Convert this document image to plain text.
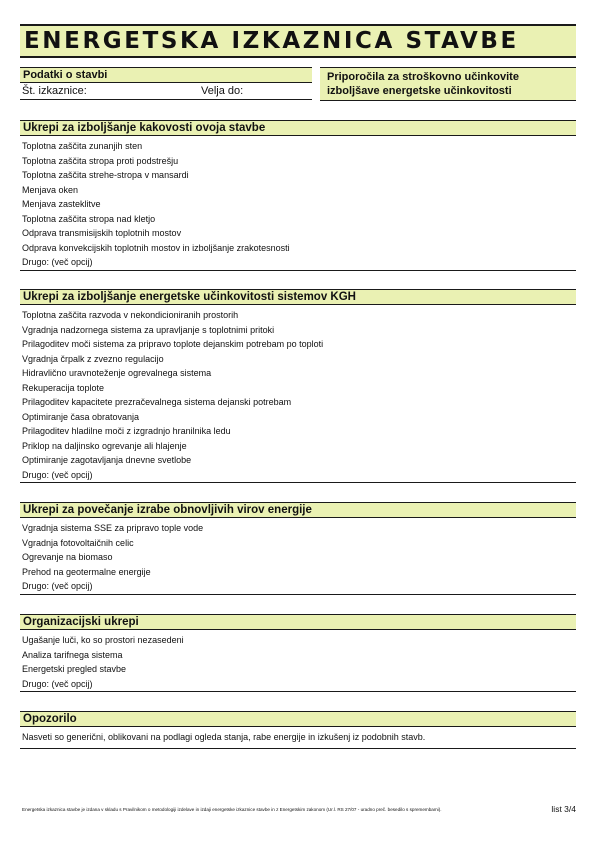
ENERGETSKA IZKAZNICA STAVBE
Podatki o stavbi
Št. izkaznice:	Velja do:
Priporočila za stroškovno učinkovite
izboljšave energetske učinkovitosti
Ukrepi za izboljšanje kakovosti ovoja stavbe
Toplotna zaščita zunanjih sten
Toplotna zaščita stropa proti podstrešju
Toplotna zaščita strehe-stropa v mansardi
Menjava oken
Menjava zasteklitve
Toplotna zaščita stropa nad kletjo
Odprava transmisijskih toplotnih mostov
Odprava konvekcijskih toplotnih mostov in izboljšanje zrakotesnosti
Drugo: (več opcij)
Ukrepi za izboljšanje energetske učinkovitosti sistemov KGH
Toplotna zaščita razvoda v nekondicioniranih prostorih
Vgradnja nadzornega sistema za upravljanje s toplotnimi pritoki
Prilagoditev moči sistema za pripravo toplote dejanskim potrebam po toploti
Vgradnja črpalk z zvezno regulacijo
Hidravlično uravnoteženje ogrevalnega sistema
Rekuperacija toplote
Prilagoditev kapacitete prezračevalnega sistema dejanski potrebam
Optimiranje časa obratovanja
Prilagoditev hladilne moči z izgradnjo hranilnika ledu
Priklop na daljinsko ogrevanje ali hlajenje
Optimiranje zagotavljanja dnevne svetlobe
Drugo: (več opcij)
Ukrepi za povečanje izrabe obnovljivih virov energije
Vgradnja sistema SSE za pripravo tople vode
Vgradnja fotovoltaičnih celic
Ogrevanje na biomaso
Prehod na geotermalne energije
Drugo: (več opcij)
Organizacijski ukrepi
Ugašanje luči, ko so prostori nezasedeni
Analiza tarifnega sistema
Energetski pregled stavbe
Drugo: (več opcij)
Opozorilo
Nasveti so generični, oblikovani na podlagi ogleda stanja, rabe energije in izkušenj iz podobnih stavb.
Energetska izkaznica stavbe je izdana v skladu s Pravilnikom o metodologiji izdelave in izdaji energetske izkaznice stavbe in z Energetskim zakonom (Ur.l. RS 27/07 - uradno preč. besedilo s spremembami).	list 3/4
